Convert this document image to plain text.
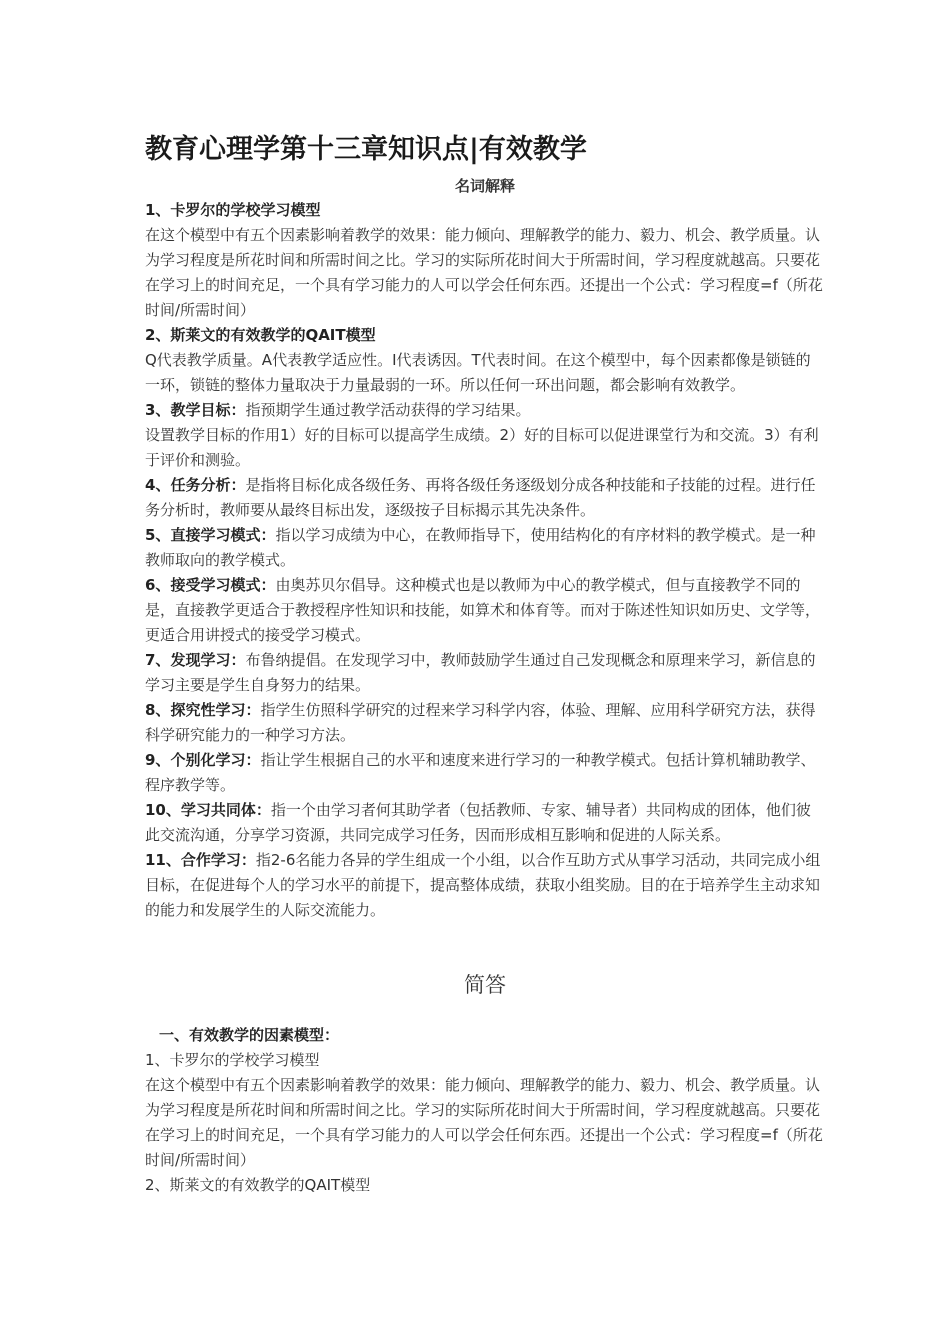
教育心理学第十三章知识点|有效教学
名词解释
1、卡罗尔的学校学习模型
在这个模型中有五个因素影响着教学的效果：能力倾向、理解教学的能力、毅力、机会、教学质量。认为学习程度是所花时间和所需时间之比。学习的实际所花时间大于所需时间，学习程度就越高。只要花在学习上的时间充足，一个具有学习能力的人可以学会任何东西。还提出一个公式：学习程度=f（所花时间/所需时间）
2、斯莱文的有效教学的QAIT模型
Q代表教学质量。A代表教学适应性。I代表诱因。T代表时间。在这个模型中，每个因素都像是锁链的一环，锁链的整体力量取决于力量最弱的一环。所以任何一环出问题，都会影响有效教学。
3、教学目标：指预期学生通过教学活动获得的学习结果。
设置教学目标的作用1）好的目标可以提高学生成绩。2）好的目标可以促进课堂行为和交流。3）有利于评价和测验。
4、任务分析：是指将目标化成各级任务、再将各级任务逐级划分成各种技能和子技能的过程。进行任务分析时，教师要从最终目标出发，逐级按子目标揭示其先决条件。
5、直接学习模式：指以学习成绩为中心，在教师指导下，使用结构化的有序材料的教学模式。是一种教师取向的教学模式。
6、接受学习模式：由奥苏贝尔倡导。这种模式也是以教师为中心的教学模式，但与直接教学不同的是，直接教学更适合于教授程序性知识和技能，如算术和体育等。而对于陈述性知识如历史、文学等，更适合用讲授式的接受学习模式。
7、发现学习：布鲁纳提倡。在发现学习中，教师鼓励学生通过自己发现概念和原理来学习，新信息的学习主要是学生自身努力的结果。
8、探究性学习：指学生仿照科学研究的过程来学习科学内容，体验、理解、应用科学研究方法，获得科学研究能力的一种学习方法。
9、个别化学习：指让学生根据自己的水平和速度来进行学习的一种教学模式。包括计算机辅助教学、程序教学等。
10、学习共同体：指一个由学习者何其助学者（包括教师、专家、辅导者）共同构成的团体，他们彼此交流沟通，分享学习资源，共同完成学习任务，因而形成相互影响和促进的人际关系。
11、合作学习：指2-6名能力各异的学生组成一个小组，以合作互助方式从事学习活动，共同完成小组目标，在促进每个人的学习水平的前提下，提高整体成绩，获取小组奖励。目的在于培养学生主动求知的能力和发展学生的人际交流能力。
简答
一、有效教学的因素模型：
1、卡罗尔的学校学习模型
在这个模型中有五个因素影响着教学的效果：能力倾向、理解教学的能力、毅力、机会、教学质量。认为学习程度是所花时间和所需时间之比。学习的实际所花时间大于所需时间，学习程度就越高。只要花在学习上的时间充足，一个具有学习能力的人可以学会任何东西。还提出一个公式：学习程度=f（所花时间/所需时间）
2、斯莱文的有效教学的QAIT模型
